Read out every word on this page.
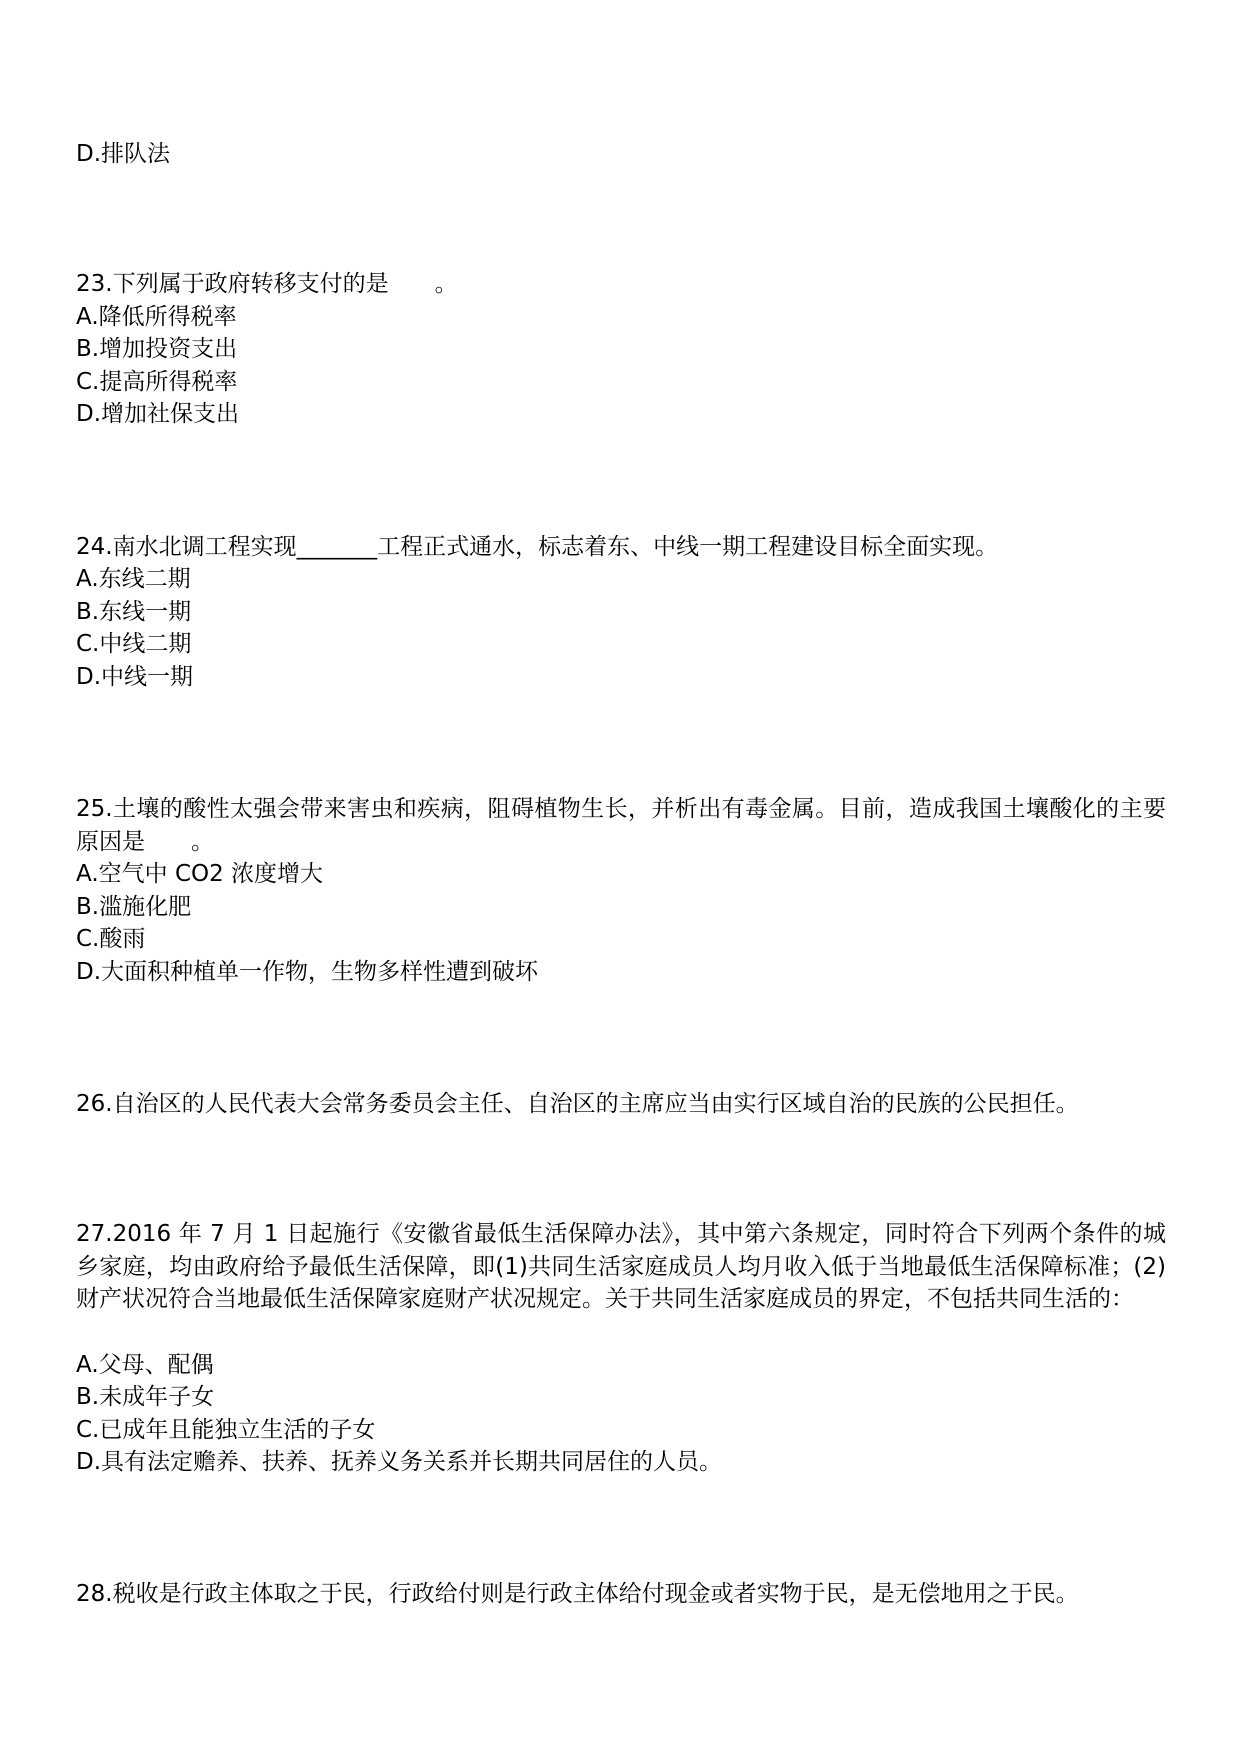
D.排队法
23.下列属于政府转移支付的是　　。
A.降低所得税率
B.增加投资支出
C.提高所得税率
D.增加社保支出
24.南水北调工程实现_______工程正式通水，标志着东、中线一期工程建设目标全面实现。
A.东线二期
B.东线一期
C.中线二期
D.中线一期
25.土壤的酸性太强会带来害虫和疾病，阻碍植物生长，并析出有毒金属。目前，造成我国土壤酸化的主要原因是　　。
A.空气中 CO2 浓度增大
B.滥施化肥
C.酸雨
D.大面积种植单一作物，生物多样性遭到破坏
26.自治区的人民代表大会常务委员会主任、自治区的主席应当由实行区域自治的民族的公民担任。
27.2016 年 7 月 1 日起施行《安徽省最低生活保障办法》，其中第六条规定，同时符合下列两个条件的城乡家庭，均由政府给予最低生活保障，即(1)共同生活家庭成员人均月收入低于当地最低生活保障标准；(2)财产状况符合当地最低生活保障家庭财产状况规定。关于共同生活家庭成员的界定，不包括共同生活的：
A.父母、配偶
B.未成年子女
C.已成年且能独立生活的子女
D.具有法定赡养、扶养、抚养义务关系并长期共同居住的人员。
28.税收是行政主体取之于民，行政给付则是行政主体给付现金或者实物于民，是无偿地用之于民。
